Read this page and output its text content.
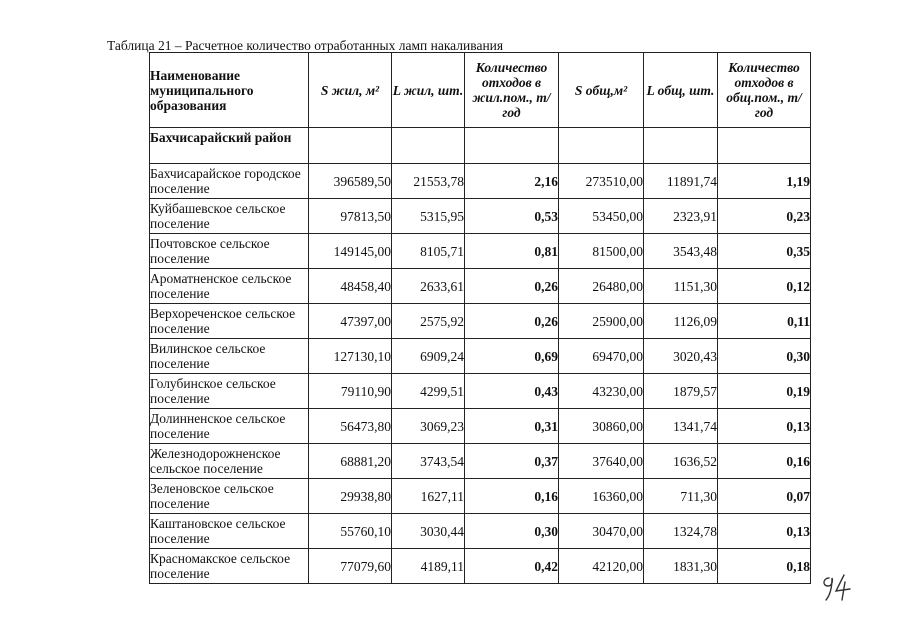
Таблица 21 – Расчетное количество отработанных ламп накаливания
Наименование муниципального образования	S жил, м²	L жил, шт.	Количество отходов в жил.пом., т/год	S общ,м²	L общ, шт.	Количество отходов в общ.пом., т/год
Бахчисарайский район						
Бахчисарайское городское поселение	396589,50	21553,78	2,16	273510,00	11891,74	1,19
Куйбашевское сельское поселение	97813,50	5315,95	0,53	53450,00	2323,91	0,23
Почтовское сельское поселение	149145,00	8105,71	0,81	81500,00	3543,48	0,35
Ароматненское сельское поселение	48458,40	2633,61	0,26	26480,00	1151,30	0,12
Верхореченское сельское поселение	47397,00	2575,92	0,26	25900,00	1126,09	0,11
Вилинское сельское поселение	127130,10	6909,24	0,69	69470,00	3020,43	0,30
Голубинское сельское поселение	79110,90	4299,51	0,43	43230,00	1879,57	0,19
Долинненское сельское поселение	56473,80	3069,23	0,31	30860,00	1341,74	0,13
Железнодорожненское сельское поселение	68881,20	3743,54	0,37	37640,00	1636,52	0,16
Зеленовское сельское поселение	29938,80	1627,11	0,16	16360,00	711,30	0,07
Каштановское сельское поселение	55760,10	3030,44	0,30	30470,00	1324,78	0,13
Красномакское сельское поселение	77079,60	4189,11	0,42	42120,00	1831,30	0,18
